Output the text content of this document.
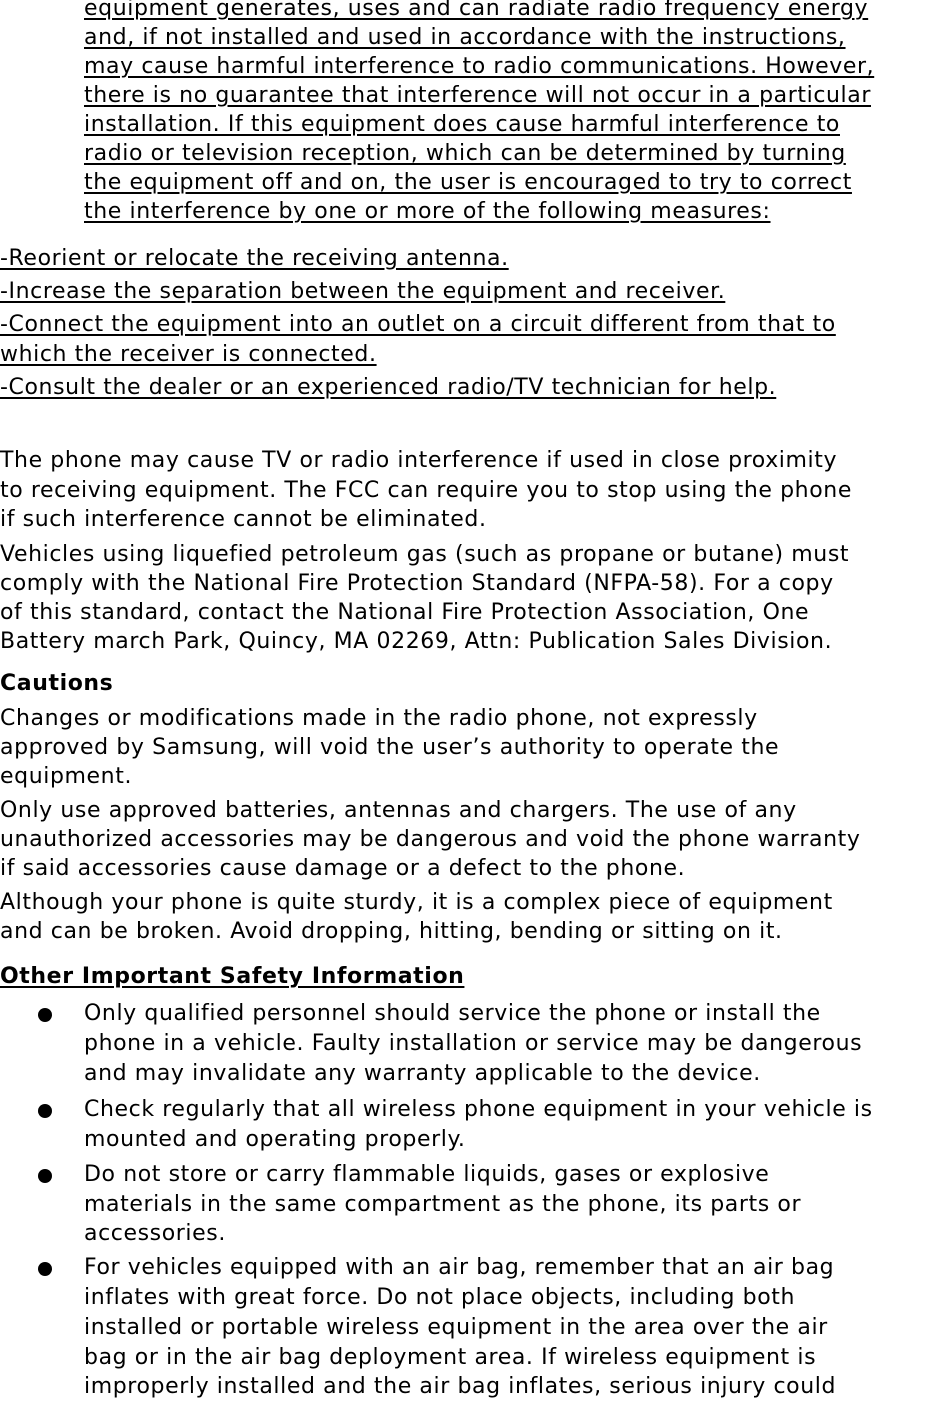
equipment generates, uses and can radiate radio frequency energy
and, if not installed and used in accordance with the instructions,
may cause harmful interference to radio communications. However,
there is no guarantee that interference will not occur in a particular
installation. If this equipment does cause harmful interference to
radio or television reception, which can be determined by turning
the equipment off and on, the user is encouraged to try to correct
the interference by one or more of the following measures:
-Reorient or relocate the receiving antenna.
-Increase the separation between the equipment and receiver.
-Connect the equipment into an outlet on a circuit different from that to
which the receiver is connected.
-Consult the dealer or an experienced radio/TV technician for help.
The phone may cause TV or radio interference if used in close proximity
to receiving equipment. The FCC can require you to stop using the phone
if such interference cannot be eliminated.
Vehicles using liquefied petroleum gas (such as propane or butane) must
comply with the National Fire Protection Standard (NFPA-58). For a copy
of this standard, contact the National Fire Protection Association, One
Battery march Park, Quincy, MA 02269, Attn: Publication Sales Division.
Cautions
Changes or modifications made in the radio phone, not expressly
approved by Samsung, will void the user’s authority to operate the
equipment.
Only use approved batteries, antennas and chargers. The use of any
unauthorized accessories may be dangerous and void the phone warranty
if said accessories cause damage or a defect to the phone.
Although your phone is quite sturdy, it is a complex piece of equipment
and can be broken. Avoid dropping, hitting, bending or sitting on it.
Other Important Safety Information
Only qualified personnel should service the phone or install the
phone in a vehicle. Faulty installation or service may be dangerous
and may invalidate any warranty applicable to the device.
Check regularly that all wireless phone equipment in your vehicle is
mounted and operating properly.
Do not store or carry flammable liquids, gases or explosive
materials in the same compartment as the phone, its parts or
accessories.
For vehicles equipped with an air bag, remember that an air bag
inflates with great force. Do not place objects, including both
installed or portable wireless equipment in the area over the air
bag or in the air bag deployment area. If wireless equipment is
improperly installed and the air bag inflates, serious injury could
